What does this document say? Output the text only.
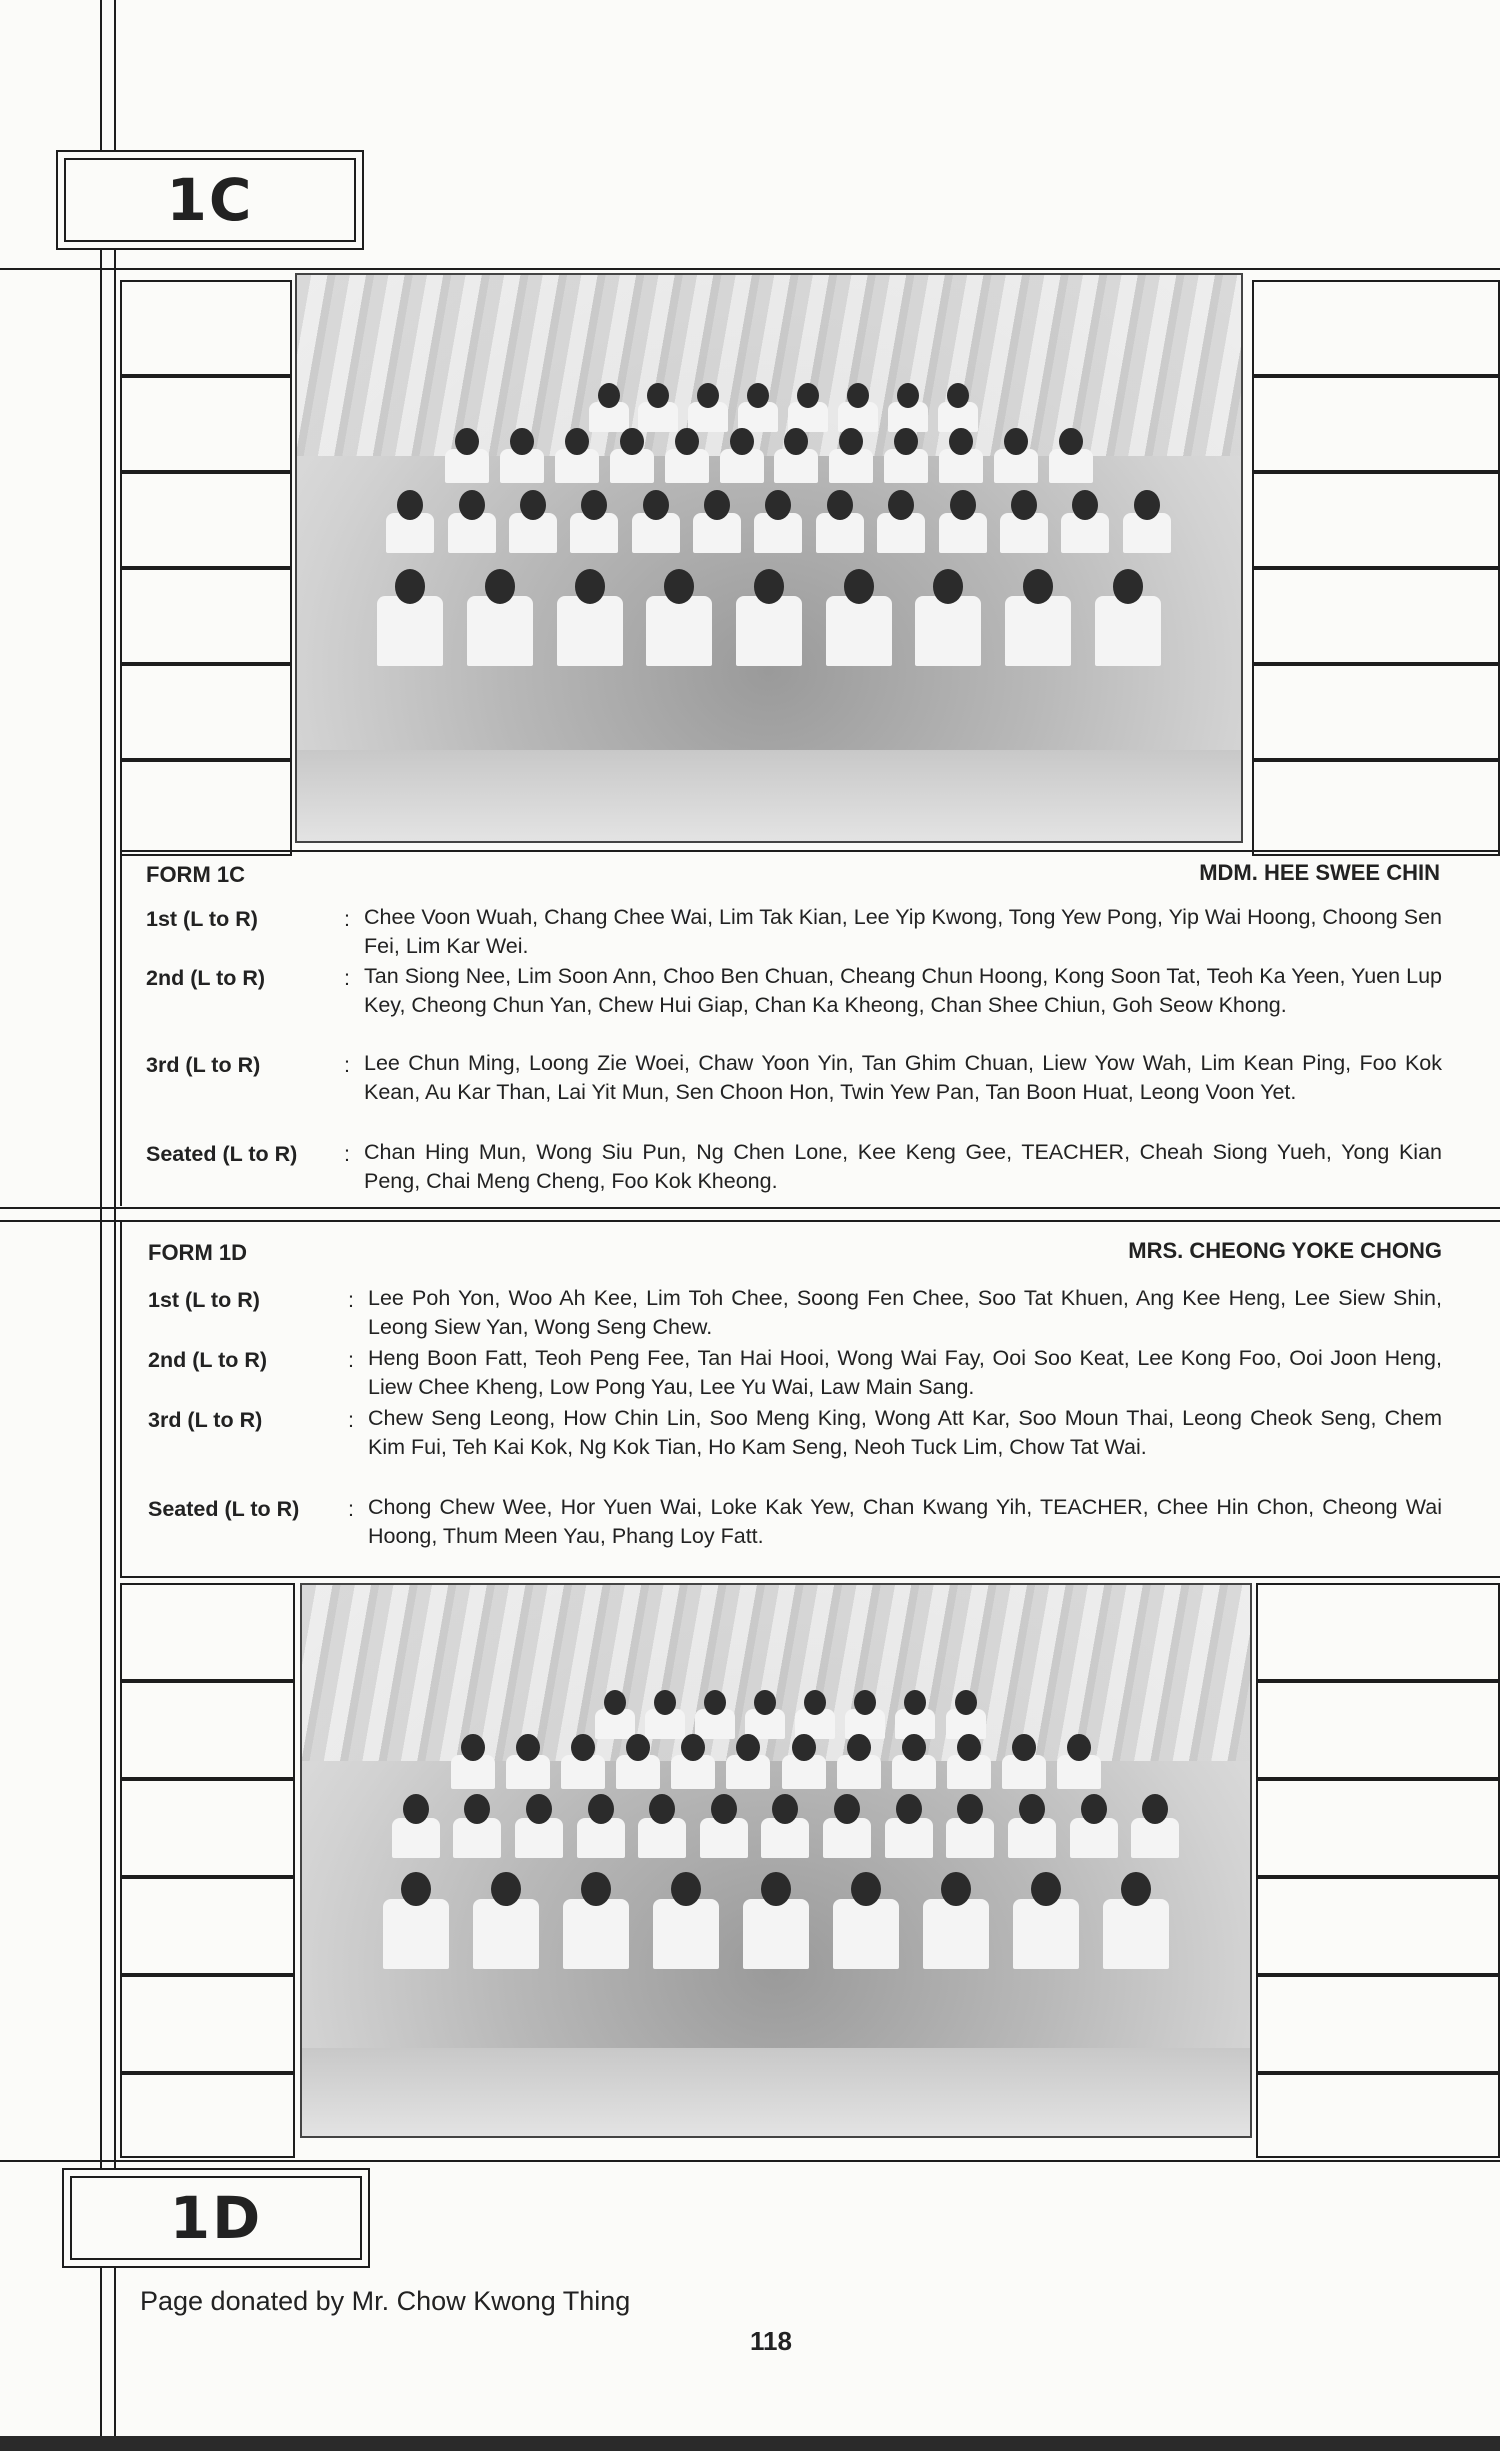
1C
FORM 1C	MDM. HEE SWEE CHIN
1st (L to R)	: Chee Voon Wuah, Chang Chee Wai, Lim Tak Kian, Lee Yip Kwong, Tong Yew Pong, Yip Wai Hoong, Choong Sen Fei, Lim Kar Wei.
2nd (L to R)	: Tan Siong Nee, Lim Soon Ann, Choo Ben Chuan, Cheang Chun Hoong, Kong Soon Tat, Teoh Ka Yeen, Yuen Lup Key, Cheong Chun Yan, Chew Hui Giap, Chan Ka Kheong, Chan Shee Chiun, Goh Seow Khong.
3rd (L to R)	: Lee Chun Ming, Loong Zie Woei, Chaw Yoon Yin, Tan Ghim Chuan, Liew Yow Wah, Lim Kean Ping, Foo Kok Kean, Au Kar Than, Lai Yit Mun, Sen Choon Hon, Twin Yew Pan, Tan Boon Huat, Leong Voon Yet.
Seated (L to R) : Chan Hing Mun, Wong Siu Pun, Ng Chen Lone, Kee Keng Gee, TEACHER, Cheah Siong Yueh, Yong Kian Peng, Chai Meng Cheng, Foo Kok Kheong.
FORM 1D	MRS. CHEONG YOKE CHONG
1st (L to R)	: Lee Poh Yon, Woo Ah Kee, Lim Toh Chee, Soong Fen Chee, Soo Tat Khuen, Ang Kee Heng, Lee Siew Shin, Leong Siew Yan, Wong Seng Chew.
2nd (L to R)	: Heng Boon Fatt, Teoh Peng Fee, Tan Hai Hooi, Wong Wai Fay, Ooi Soo Keat, Lee Kong Foo, Ooi Joon Heng, Liew Chee Kheng, Low Pong Yau, Lee Yu Wai, Law Main Sang.
3rd (L to R)	: Chew Seng Leong, How Chin Lin, Soo Meng King, Wong Att Kar, Soo Moun Thai, Leong Cheok Seng, Chem Kim Fui, Teh Kai Kok, Ng Kok Tian, Ho Kam Seng, Neoh Tuck Lim, Chow Tat Wai.
Seated (L to R) : Chong Chew Wee, Hor Yuen Wai, Loke Kak Yew, Chan Kwang Yih, TEACHER, Chee Hin Chon, Cheong Wai Hoong, Thum Meen Yau, Phang Loy Fatt.
1D
Page donated by Mr. Chow Kwong Thing
118
